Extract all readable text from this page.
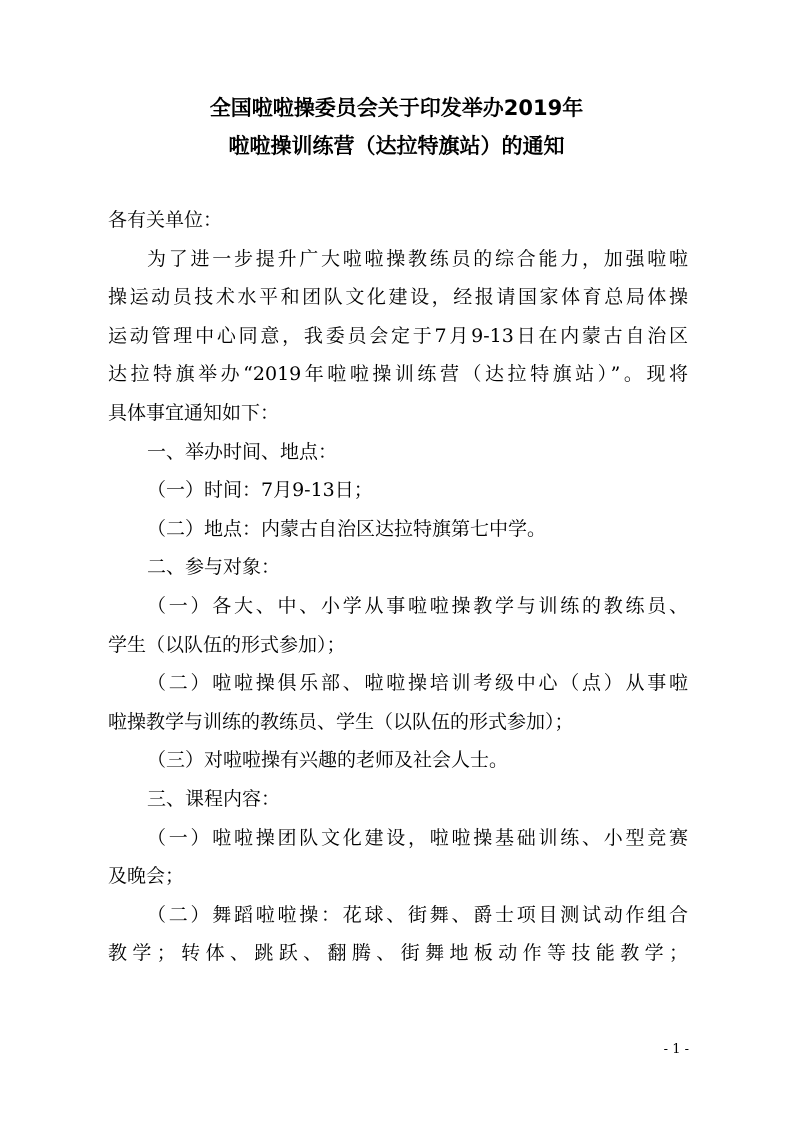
全国啦啦操委员会关于印发举办2019年
啦啦操训练营（达拉特旗站）的通知
各有关单位：
为了进一步提升广大啦啦操教练员的综合能力，加强啦啦
操运动员技术水平和团队文化建设，经报请国家体育总局体操
运动管理中心同意，我委员会定于7月9-13日在内蒙古自治区
达拉特旗举办“2019年啦啦操训练营（达拉特旗站）”。现将
具体事宜通知如下：
一、举办时间、地点：
（一）时间：7月9-13日；
（二）地点：内蒙古自治区达拉特旗第七中学。
二、参与对象：
（一）各大、中、小学从事啦啦操教学与训练的教练员、
学生（以队伍的形式参加）；
（二）啦啦操俱乐部、啦啦操培训考级中心（点）从事啦
啦操教学与训练的教练员、学生（以队伍的形式参加）；
（三）对啦啦操有兴趣的老师及社会人士。
三、课程内容：
（一）啦啦操团队文化建设，啦啦操基础训练、小型竞赛
及晚会；
（二）舞蹈啦啦操：花球、街舞、爵士项目测试动作组合
教学；转体、跳跃、翻腾、街舞地板动作等技能教学；
- 1 -
